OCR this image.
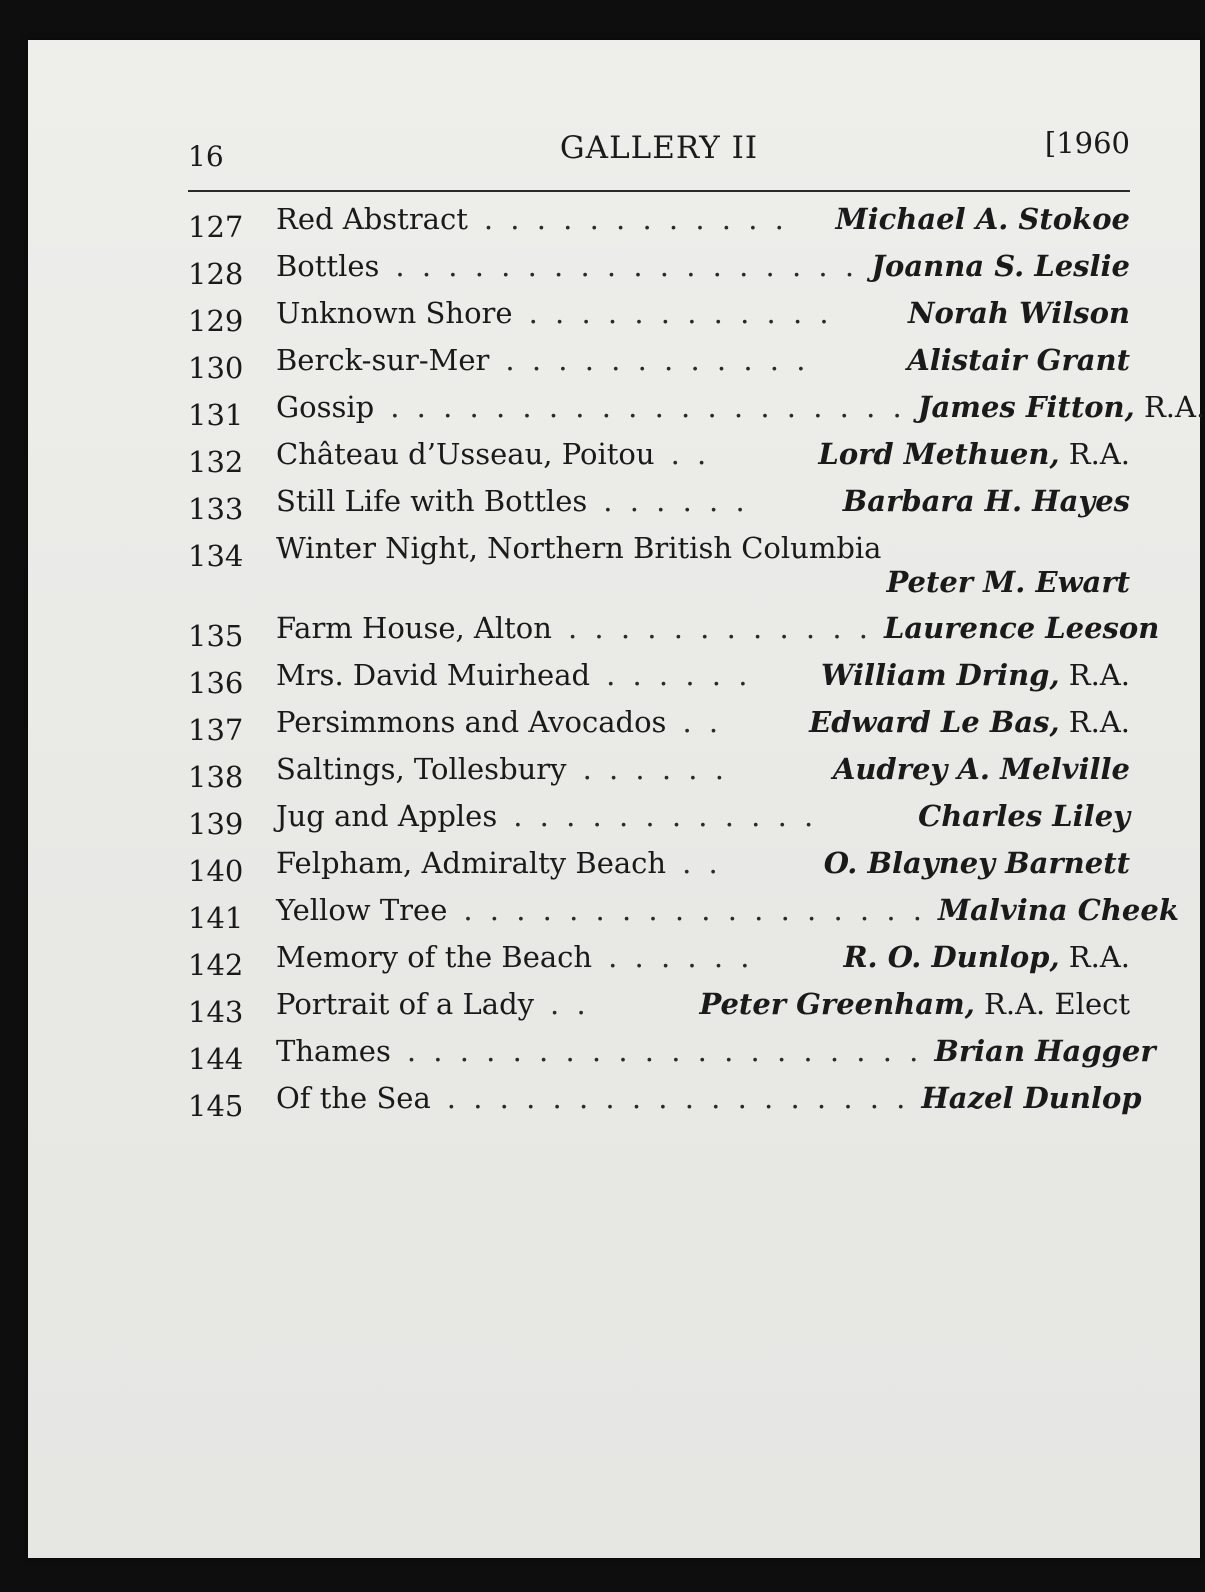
16	GALLERY II	[1960
127	Red Abstract . . . . . . . . . . . .	Michael A. Stokoe
128	Bottles . . . . . . . . . . . . . . . . . . Joanna S. Leslie
129	Unknown Shore . . . . . . . . . . . .	Norah Wilson
130	Berck-sur-Mer . . . . . . . . . . . .	Alistair Grant
131	Gossip . . . . . . . . . . . . . . . . . . . . James Fitton, R.A.
132	Château d’Usseau, Poitou . .	Lord Methuen, R.A.
133	Still Life with Bottles . . . . . .	Barbara H. Hayes
134	Winter Night, Northern British Columbia
Peter M. Ewart
135	Farm House, Alton . . . . . . . . . . . . Laurence Leeson
136	Mrs. David Muirhead . . . . . .	William Dring, R.A.
137	Persimmons and Avocados . .	Edward Le Bas, R.A.
138	Saltings, Tollesbury . . . . . .	Audrey A. Melville
139	Jug and Apples . . . . . . . . . . . .	Charles Liley
140	Felpham, Admiralty Beach . .	O. Blayney Barnett
141	Yellow Tree . . . . . . . . . . . . . . . . . . Malvina Cheek
142	Memory of the Beach . . . . . .	R. O. Dunlop, R.A.
143	Portrait of a Lady . .	Peter Greenham, R.A. Elect
144	Thames . . . . . . . . . . . . . . . . . . . . Brian Hagger
145	Of the Sea . . . . . . . . . . . . . . . . . . Hazel Dunlop
